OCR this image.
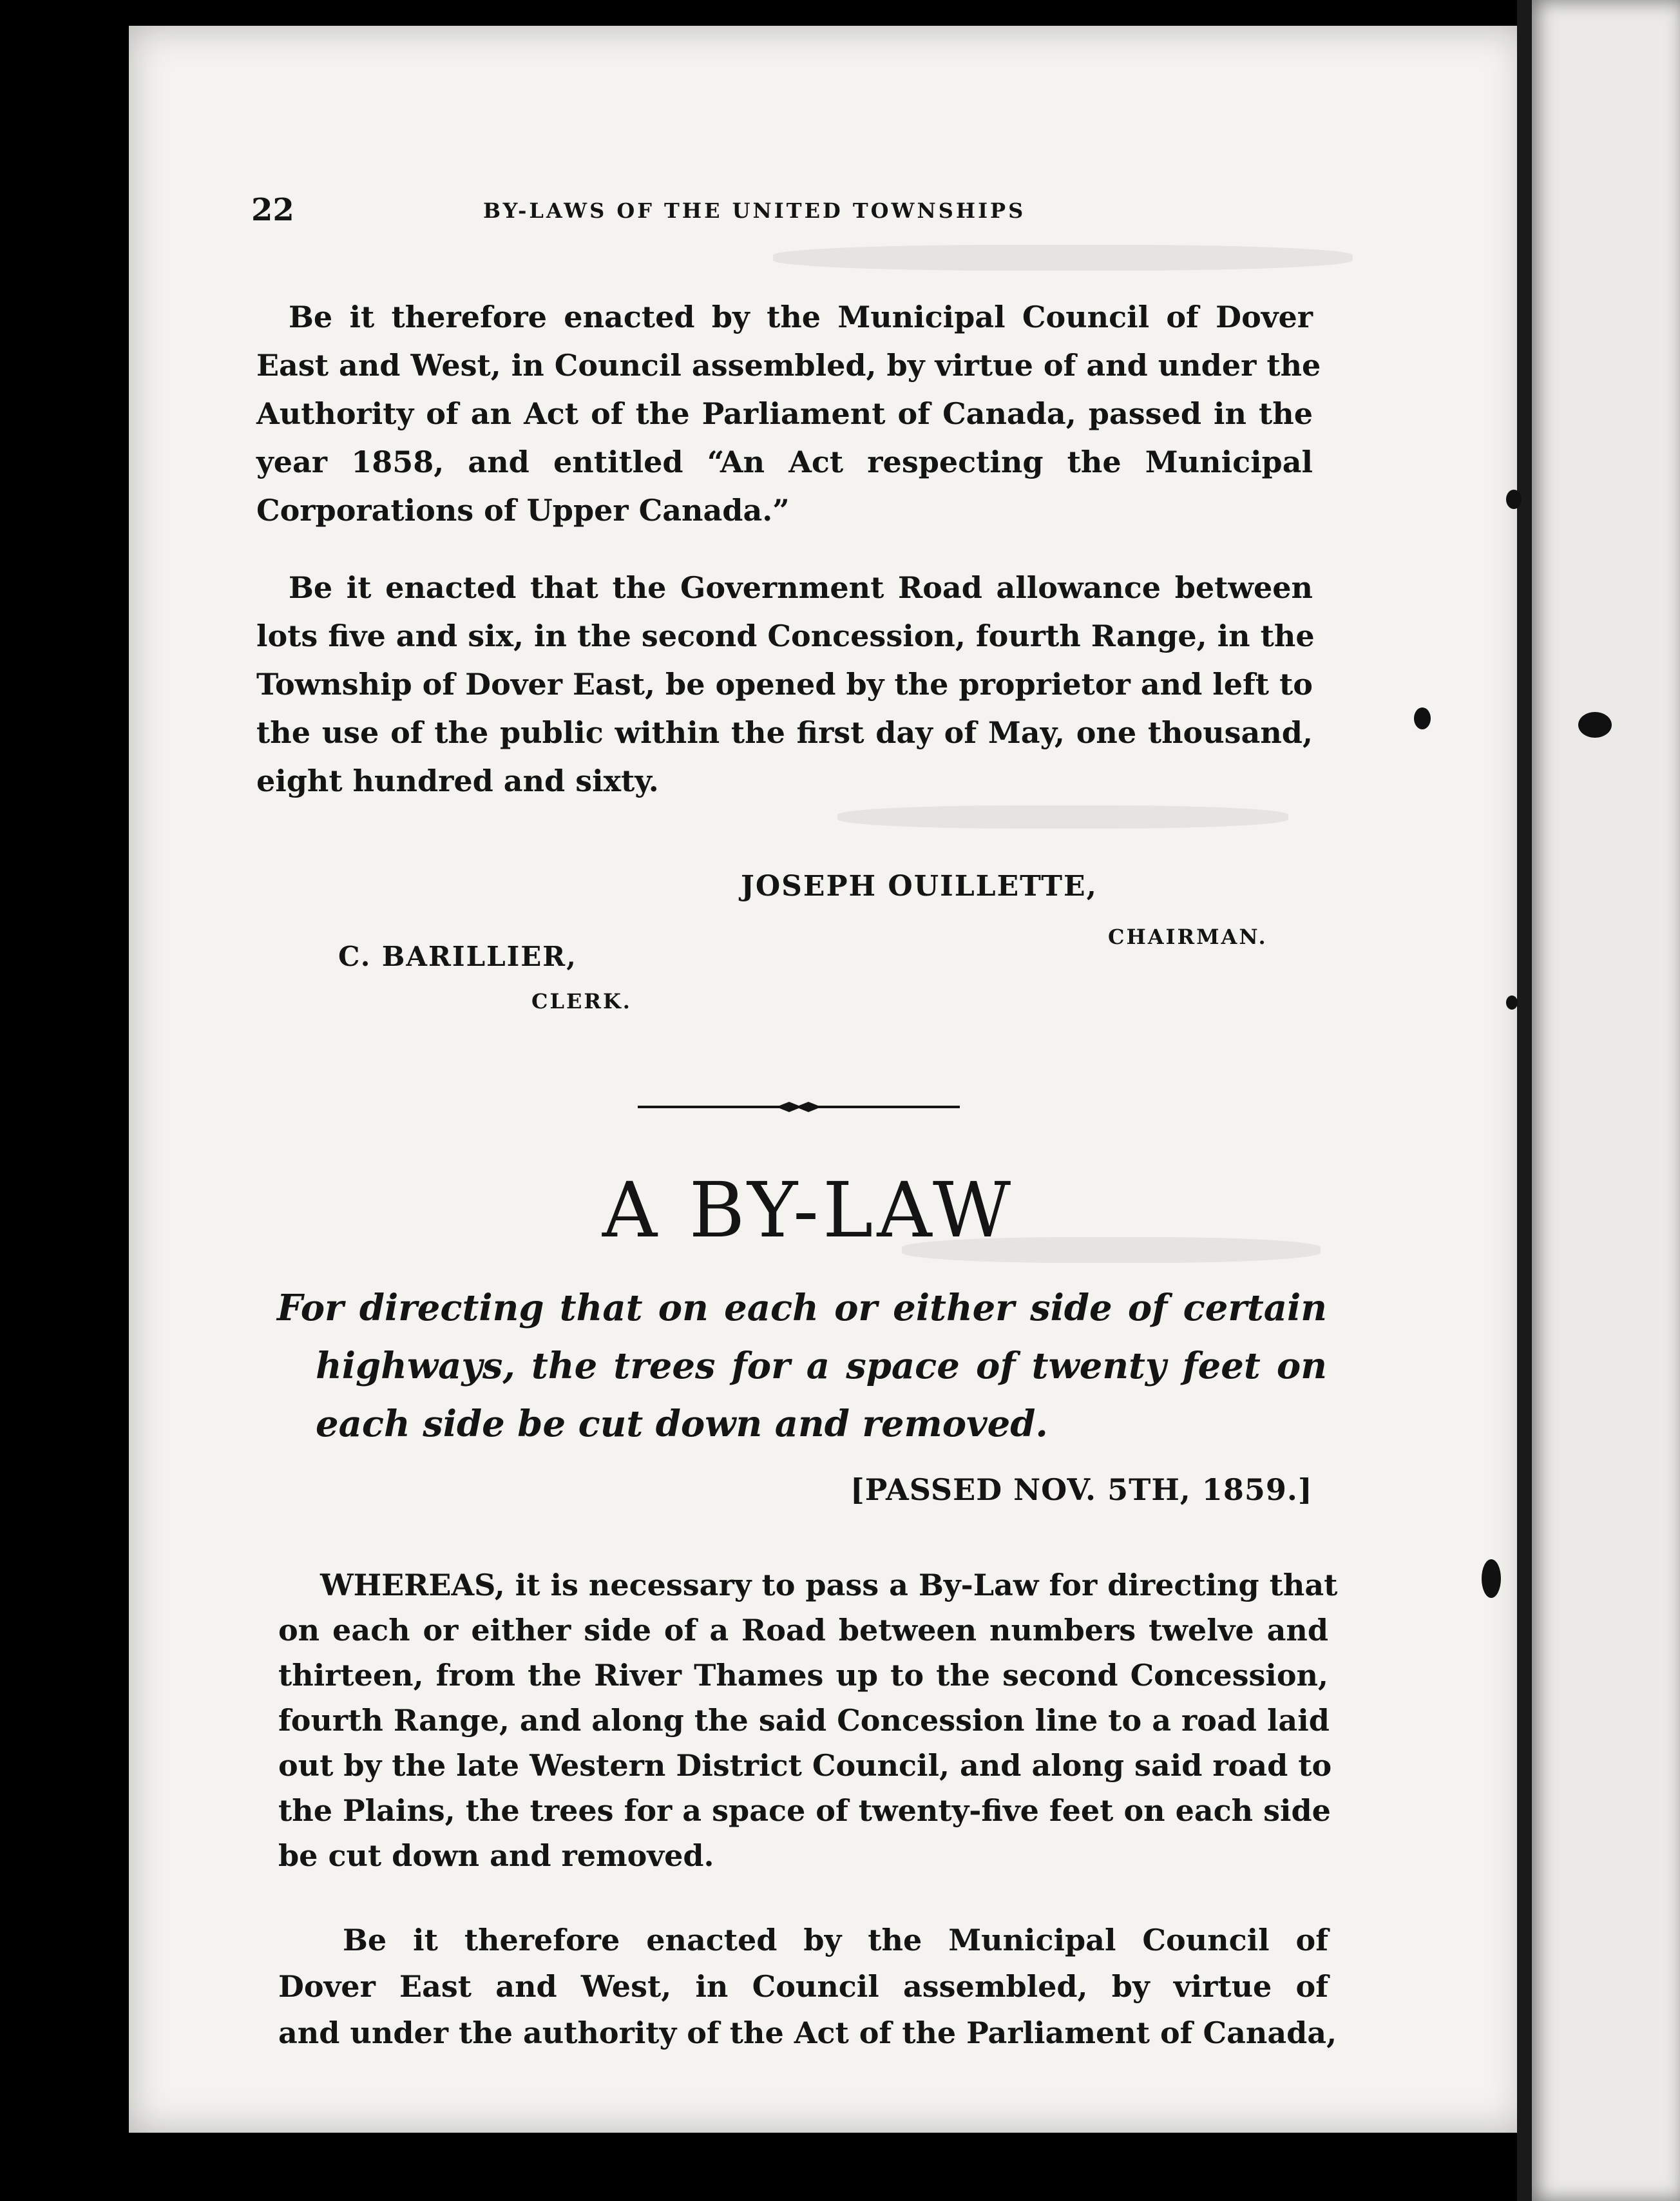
22	BY-LAWS OF THE UNITED TOWNSHIPS
Be it therefore enacted by the Municipal Council of Dover
East and West, in Council assembled, by virtue of and under the
Authority of an Act of the Parliament of Canada, passed in the
year 1858, and entitled “An Act respecting the Municipal
Corporations of Upper Canada.”
Be it enacted that the Government Road allowance between
lots five and six, in the second Concession, fourth Range, in the
Township of Dover East, be opened by the proprietor and left to
the use of the public within the first day of May, one thousand,
eight hundred and sixty.
JOSEPH OUILLETTE,
CHAIRMAN.
C. BARILLIER,
CLERK.
A BY-LAW
For directing that on each or either side of certain
highways, the trees for a space of twenty feet on
each side be cut down and removed.
[PASSED NOV. 5TH, 1859.]
WHEREAS, it is necessary to pass a By-Law for directing that
on each or either side of a Road between numbers twelve and
thirteen, from the River Thames up to the second Concession,
fourth Range, and along the said Concession line to a road laid
out by the late Western District Council, and along said road to
the Plains, the trees for a space of twenty-five feet on each side
be cut down and removed.
Be it therefore enacted by the Municipal Council of
Dover East and West, in Council assembled, by virtue of
and under the authority of the Act of the Parliament of Canada,
